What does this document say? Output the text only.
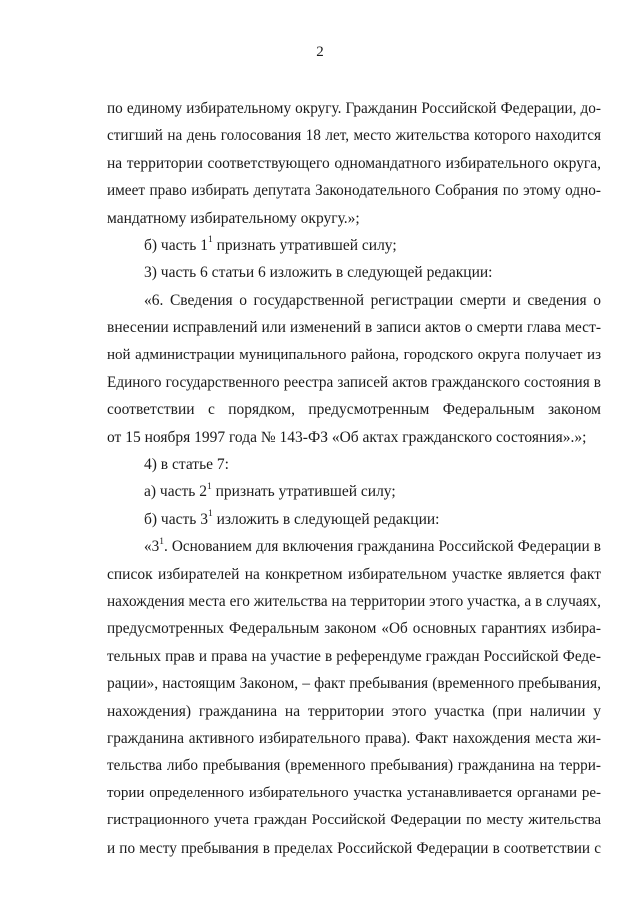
2
по единому избирательному округу. Гражданин Российской Федерации, до-
стигший на день голосования 18 лет, место жительства которого находится
на территории соответствующего одномандатного избирательного округа,
имеет право избирать депутата Законодательного Собрания по этому одно-
мандатному избирательному округу.»;
б) часть $1^1$ признать утратившей силу;
3) часть 6 статьи 6 изложить в следующей редакции:
«6. Сведения о государственной регистрации смерти и сведения о
внесении исправлений или изменений в записи актов о смерти глава мест-
ной администрации муниципального района, городского округа получает из
Единого государственного реестра записей актов гражданского состояния в
соответствии с порядком, предусмотренным Федеральным законом
от 15 ноября 1997 года № 143-ФЗ «Об актах гражданского состояния».»;
4) в статье 7:
а) часть $2^1$ признать утратившей силу;
б) часть $3^1$ изложить в следующей редакции:
«$3^1$. Основанием для включения гражданина Российской Федерации в
список избирателей на конкретном избирательном участке является факт
нахождения места его жительства на территории этого участка, а в случаях,
предусмотренных Федеральным законом «Об основных гарантиях избира-
тельных прав и права на участие в референдуме граждан Российской Феде-
рации», настоящим Законом, – факт пребывания (временного пребывания,
нахождения) гражданина на территории этого участка (при наличии у
гражданина активного избирательного права). Факт нахождения места жи-
тельства либо пребывания (временного пребывания) гражданина на терри-
тории определенного избирательного участка устанавливается органами ре-
гистрационного учета граждан Российской Федерации по месту жительства
и по месту пребывания в пределах Российской Федерации в соответствии с
